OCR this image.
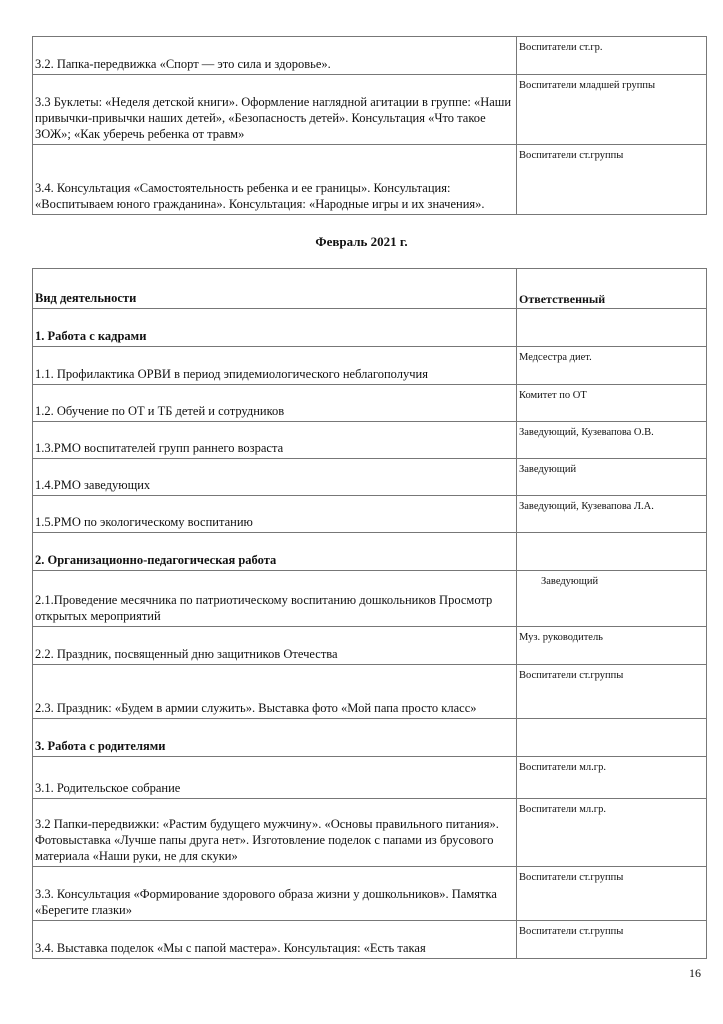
3.2. Папка-передвижка «Спорт — это сила и здоровье».	Воспитатели ст.гр.
3.3 Буклеты: «Неделя детской книги». Оформление наглядной агитации в группе: «Наши привычки-привычки наших детей», «Безопасность детей». Консультация «Что такое ЗОЖ»; «Как уберечь ребенка от травм»	Воспитатели младшей группы
3.4. Консультация «Самостоятельность ребенка и ее границы». Консультация: «Воспитываем юного гражданина». Консультация: «Народные игры и их значения».	Воспитатели ст.группы
Февраль 2021 г.
Вид деятельности	Ответственный
1. Работа с кадрами	
1.1. Профилактика ОРВИ в период эпидемиологического неблагополучия	Медсестра диет.
1.2. Обучение по ОТ и ТБ детей и сотрудников	Комитет по ОТ
1.3.РМО воспитателей групп раннего возраста	Заведующий, Кузевапова О.В.
1.4.РМО заведующих	Заведующий
1.5.РМО по экологическому воспитанию	Заведующий, Кузевапова Л.А.
2. Организационно-педагогическая работа	
2.1.Проведение месячника по патриотическому воспитанию дошкольников Просмотр открытых мероприятий	Заведующий
2.2. Праздник, посвященный дню защитников Отечества	Муз. руководитель
2.3. Праздник: «Будем в армии служить». Выставка фото «Мой папа просто класс»	Воспитатели ст.группы
3. Работа с родителями	
3.1. Родительское собрание	Воспитатели мл.гр.
3.2 Папки-передвижки: «Растим будущего мужчину». «Основы правильного питания». Фотовыставка «Лучше папы друга нет». Изготовление поделок с папами из брусового материала «Наши руки, не для скуки»	Воспитатели мл.гр.
3.3. Консультация «Формирование здорового образа жизни у дошкольников». Памятка «Берегите глазки»	Воспитатели ст.группы
3.4. Выставка поделок «Мы с папой мастера». Консультация: «Есть такая	Воспитатели ст.группы
16
